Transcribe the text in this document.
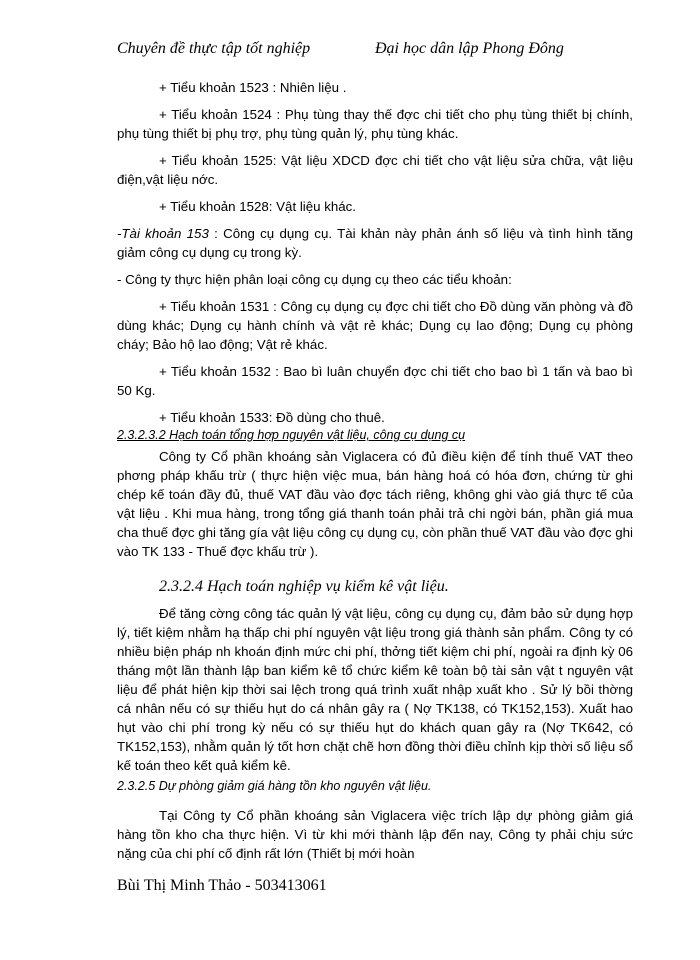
Chuyên đề thực tập tốt nghiệp	Đại học dân lập Phong Đông

+ Tiểu khoản 1523 : Nhiên liệu .

+ Tiểu khoản 1524 : Phụ tùng thay thế đợc chi tiết cho phụ tùng thiết bị chính, phụ tùng thiết bị phụ trợ, phụ tùng quản lý, phụ tùng khác.

+ Tiểu khoản 1525: Vật liệu XDCD đợc chi tiết cho vật liệu sửa chữa, vật liệu điện,vật liệu nớc.

+ Tiểu khoản 1528: Vật liệu khác.

-Tài khoản 153 : Công cụ dụng cụ. Tài khản này phản ánh số liệu và tình hình tăng giảm công cụ dụng cụ trong kỳ.

- Công ty thực hiện phân loại công cụ dụng cụ theo các tiểu khoản:

+ Tiểu khoản 1531 : Công cụ dụng cụ đợc chi tiết cho Đồ dùng văn phòng và đồ dùng khác; Dụng cụ hành chính và vật rẻ khác; Dụng cụ lao động; Dụng cụ phòng cháy; Bảo hộ lao động; Vật rẻ khác.

+ Tiểu khoản 1532 : Bao bì luân chuyển đợc chi tiết cho bao bì 1 tấn và bao bì 50 Kg.

+ Tiểu khoản 1533: Đồ dùng cho thuê.

2.3.2.3.2 Hạch toán tổng hợp nguyên vật liệu, công cụ dụng cụ

Công ty Cổ phần khoáng sản Viglacera có đủ điều kiện để tính thuế VAT theo phơng pháp khấu trừ ( thực hiện việc mua, bán hàng hoá có hóa đơn, chứng từ ghi chép kế toán đầy đủ, thuế VAT đầu vào đợc tách riêng, không ghi vào giá thực tế của vật liệu . Khi mua hàng, trong tổng giá thanh toán phải trả chi ngời bán, phần giá mua cha thuế đợc ghi tăng gía vật liệu công cụ dụng cụ, còn phần thuế VAT đầu vào đợc ghi vào TK 133 - Thuế đợc khấu trừ ).

2.3.2.4 Hạch toán nghiệp vụ kiểm kê vật liệu.

Để tăng cờng công tác quản lý vật liệu, công cụ dụng cụ, đảm bảo sử dụng hợp lý, tiết kiệm nhằm hạ thấp chi phí nguyên vật liệu trong giá thành sản phẩm. Công ty có nhiều biện pháp nh khoán định mức chi phí, thởng tiết kiệm chi phí, ngoài ra định kỳ 06 tháng một lần thành lập ban kiểm kê tổ chức kiểm kê toàn bộ tài sản vật t nguyên vật liệu để phát hiện kịp thời sai lệch trong quá trình xuất nhập xuất kho . Sử lý bồi thờng cá nhân nếu có sự thiếu hụt do cá nhân gây ra ( Nợ TK138, có TK152,153). Xuất hao hụt vào chi phí trong kỳ nếu có sự thiếu hụt do khách quan gây ra (Nợ TK642, có TK152,153), nhằm quản lý tốt hơn chặt chẽ hơn đồng thời điều chỉnh kịp thời số liệu sổ kế toán theo kết quả kiểm kê.

2.3.2.5 Dự phòng giảm giá hàng tồn kho nguyên vật liệu.

Tại Công ty Cổ phần khoáng sản Viglacera việc trích lập dự phòng giảm giá hàng tồn kho cha thực hiện. Vì từ khi mới thành lập đến nay, Công ty phải chịu sức nặng của chi phí cố định rất lớn (Thiết bị mới hoàn

Bùi Thị Minh Thảo - 503413061
